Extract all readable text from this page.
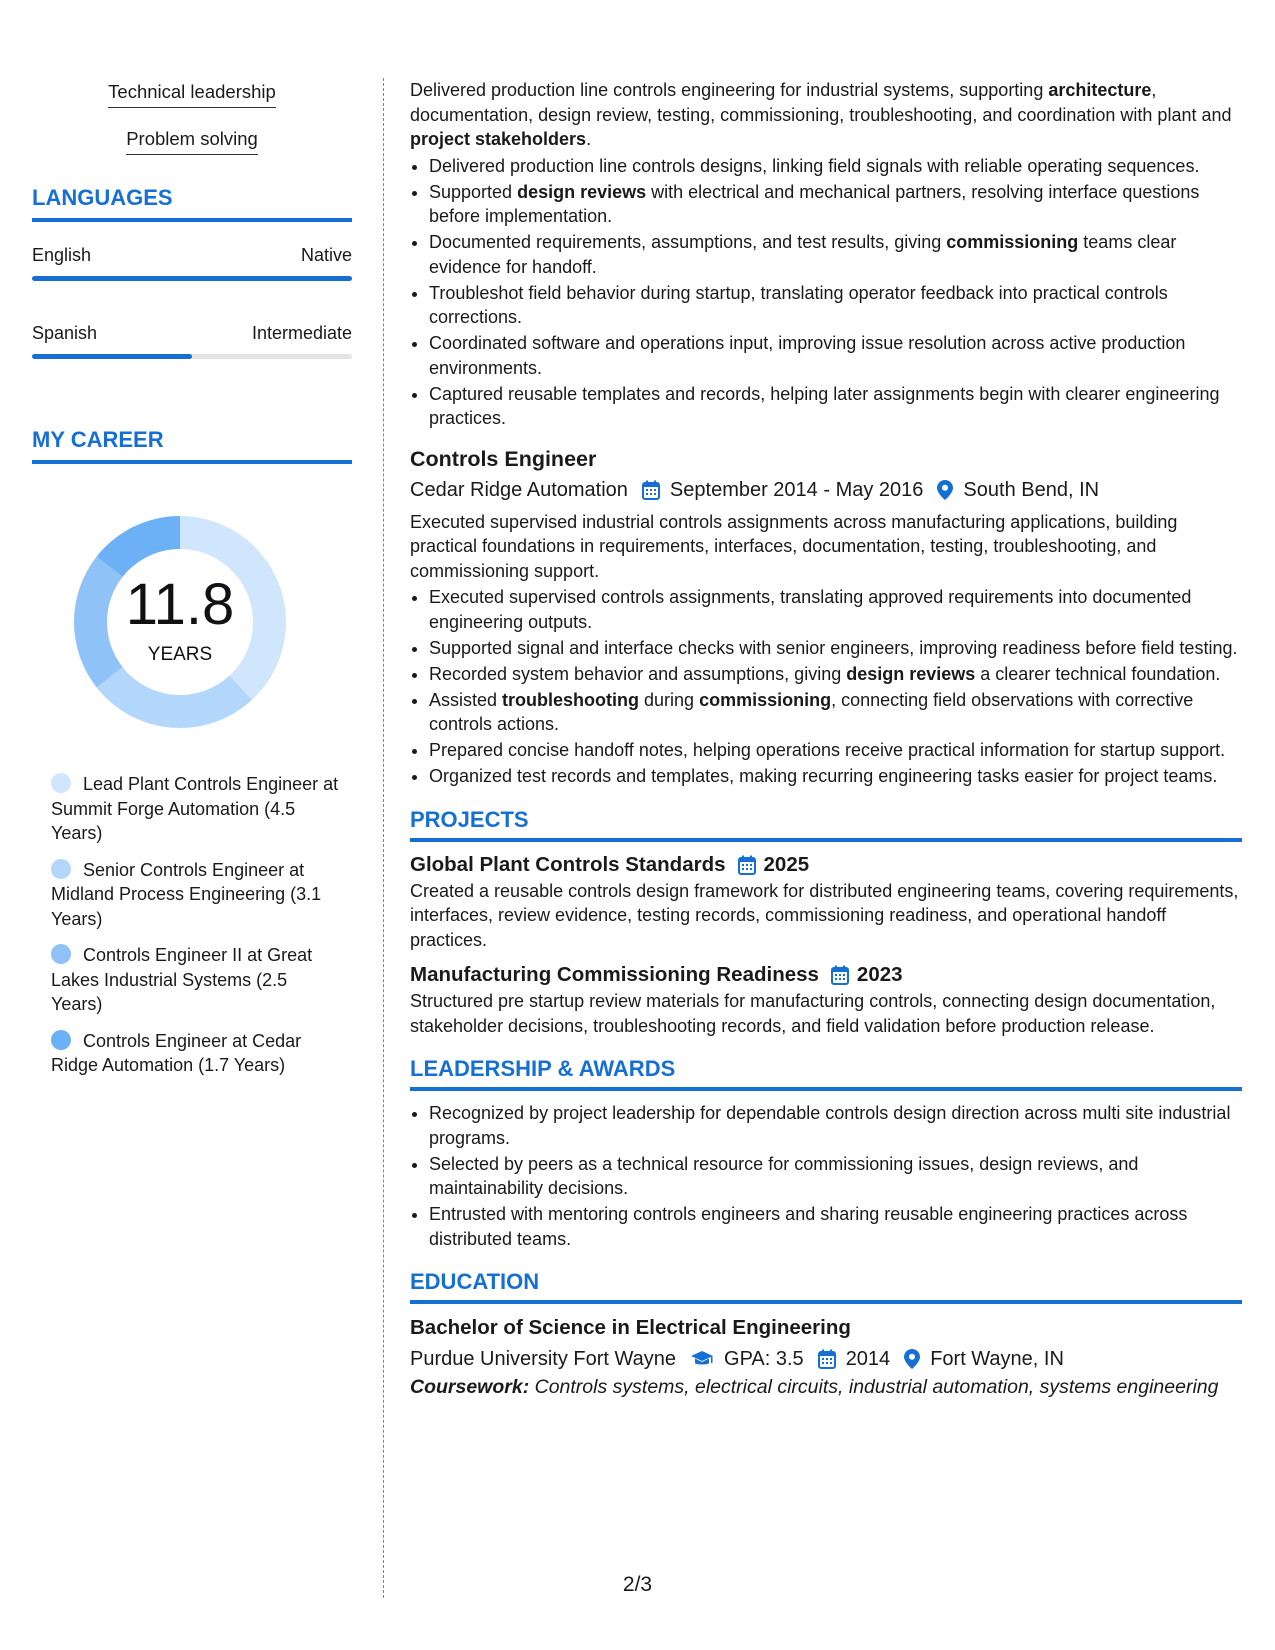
Technical leadership
Problem solving
LANGUAGES
English	Native
Spanish	Intermediate
MY CAREER
11.8
YEARS
Lead Plant Controls Engineer at Summit Forge Automation (4.5 Years)
Senior Controls Engineer at Midland Process Engineering (3.1 Years)
Controls Engineer II at Great Lakes Industrial Systems (2.5 Years)
Controls Engineer at Cedar Ridge Automation (1.7 Years)

Delivered production line controls engineering for industrial systems, supporting architecture, documentation, design review, testing, commissioning, troubleshooting, and coordination with plant and project stakeholders.

• Delivered production line controls designs, linking field signals with reliable operating sequences.
• Supported design reviews with electrical and mechanical partners, resolving interface questions before implementation.
• Documented requirements, assumptions, and test results, giving commissioning teams clear evidence for handoff.
• Troubleshot field behavior during startup, translating operator feedback into practical controls corrections.
• Coordinated software and operations input, improving issue resolution across active production environments.
• Captured reusable templates and records, helping later assignments begin with clearer engineering practices.
Controls Engineer
Cedar Ridge Automation September 2014 - May 2016 South Bend, IN

Executed supervised industrial controls assignments across manufacturing applications, building practical foundations in requirements, interfaces, documentation, testing, troubleshooting, and commissioning support.

• Executed supervised controls assignments, translating approved requirements into documented engineering outputs.
• Supported signal and interface checks with senior engineers, improving readiness before field testing.
• Recorded system behavior and assumptions, giving design reviews a clearer technical foundation.
• Assisted troubleshooting during commissioning, connecting field observations with corrective controls actions.
• Prepared concise handoff notes, helping operations receive practical information for startup support.
• Organized test records and templates, making recurring engineering tasks easier for project teams.
PROJECTS
Global Plant Controls Standards 2025

Created a reusable controls design framework for distributed engineering teams, covering requirements, interfaces, review evidence, testing records, commissioning readiness, and operational handoff practices.

Manufacturing Commissioning Readiness 2023

Structured pre startup review materials for manufacturing controls, connecting design documentation, stakeholder decisions, troubleshooting records, and field validation before production release.

LEADERSHIP & AWARDS
• Recognized by project leadership for dependable controls design direction across multi site industrial programs.
• Selected by peers as a technical resource for commissioning issues, design reviews, and maintainability decisions.
• Entrusted with mentoring controls engineers and sharing reusable engineering practices across distributed teams.
EDUCATION
Bachelor of Science in Electrical Engineering
Purdue University Fort Wayne GPA: 3.5 2014 Fort Wayne, IN

Coursework: Controls systems, electrical circuits, industrial automation, systems engineering

2/3
